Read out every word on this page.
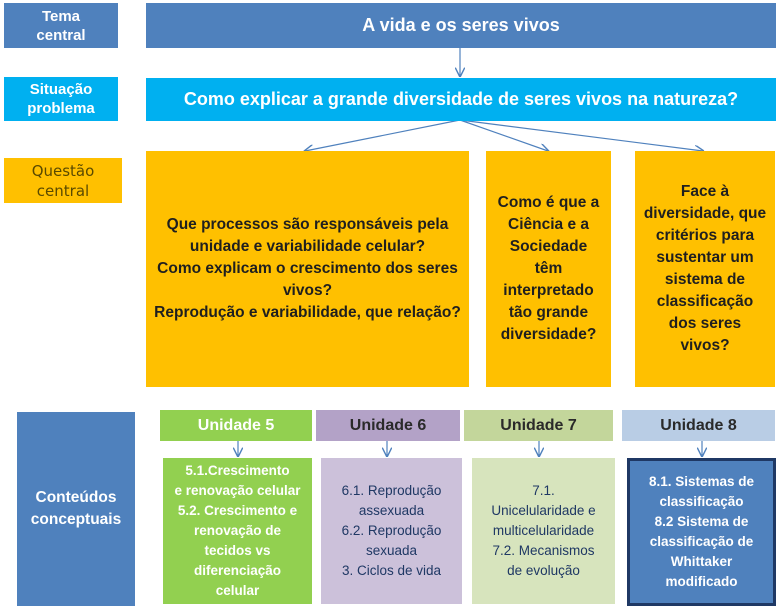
Tema
central
Situação
problema
Questão
central
Conteúdos
conceptuais
A vida e os seres vivos
Como explicar a grande diversidade de seres vivos na natureza?
Que processos são responsáveis pela unidade e variabilidade celular?
Como explicam o crescimento dos seres vivos?
Reprodução e variabilidade, que relação?
Como é que a Ciência e a Sociedade têm interpretado tão grande diversidade?
Face à diversidade, que critérios para sustentar um sistema de classificação dos seres vivos?
Unidade 5	Unidade 6	Unidade 7	Unidade 8
5.1.Crescimento
e renovação celular
5.2. Crescimento e
renovação de
tecidos vs
diferenciação
celular
6.1. Reprodução
assexuada
6.2. Reprodução
sexuada
3. Ciclos de vida
7.1.
Unicelularidade e
multicelularidade
7.2. Mecanismos
de evolução
8.1. Sistemas de
classificação
8.2 Sistema de
classificação de
Whittaker
modificado
